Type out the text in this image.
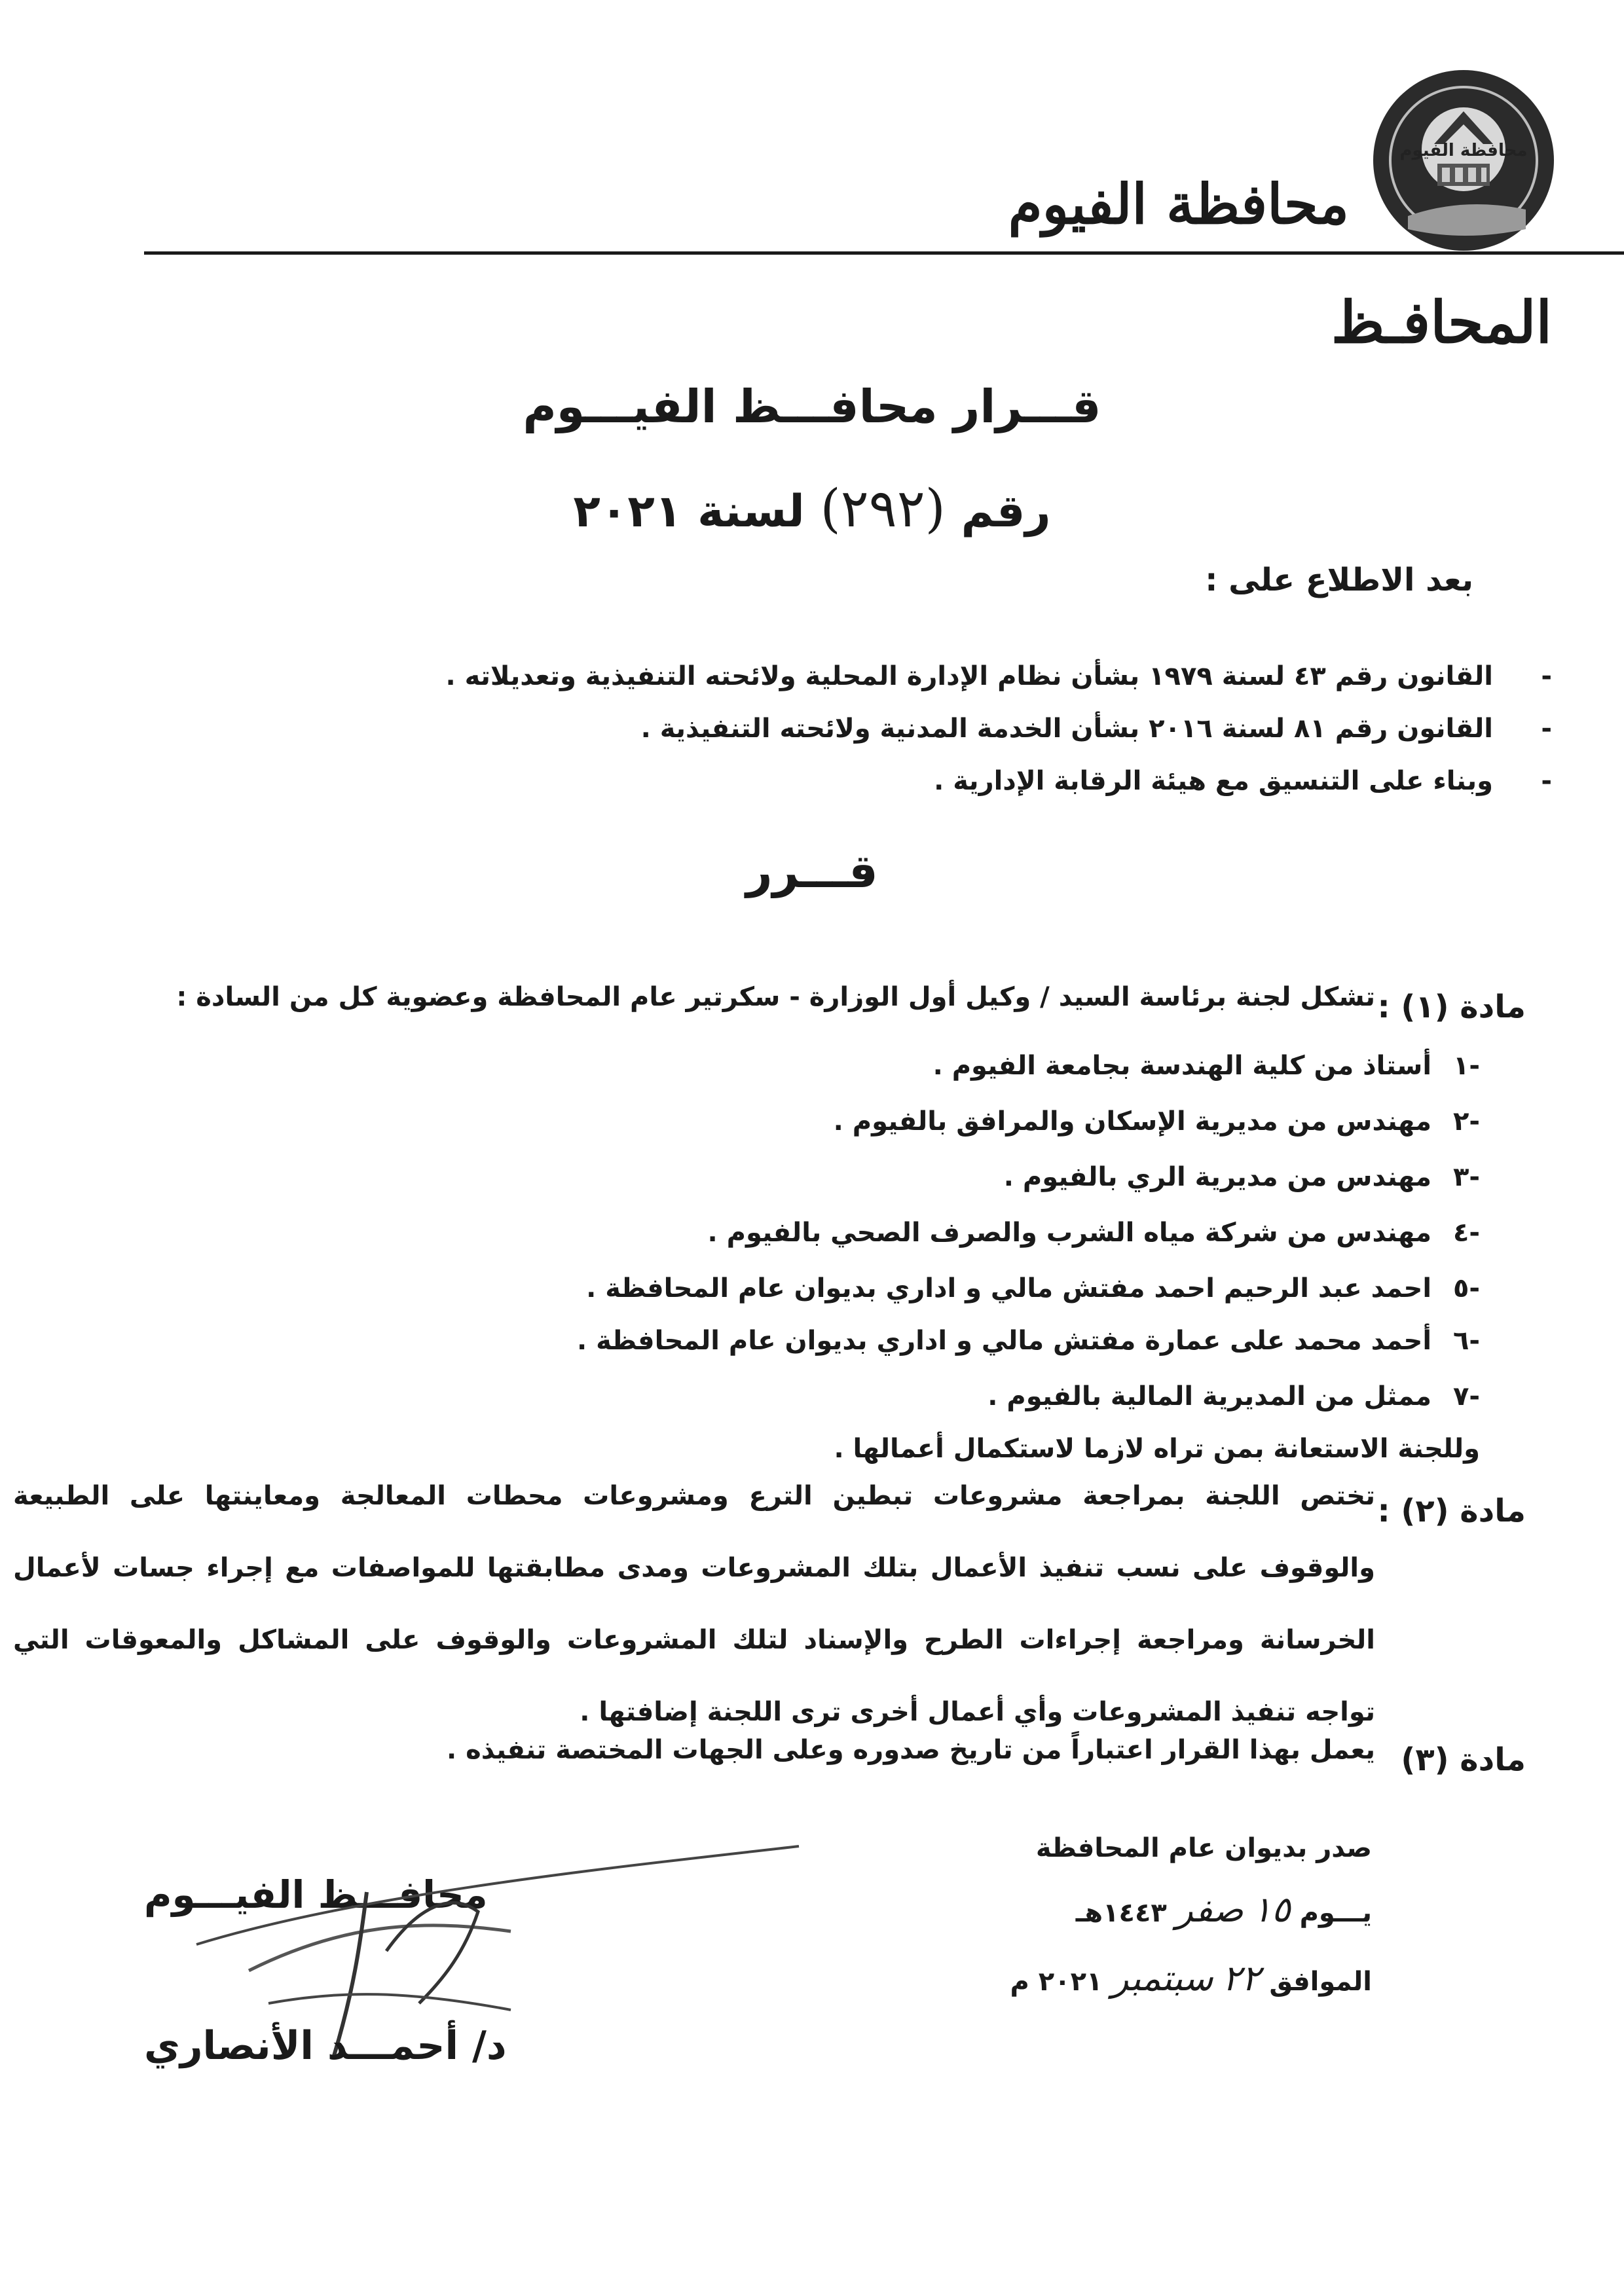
محافظة الفيوم
محافظة الفيوم
المحافـظ
قـــرار محافـــظ الفيـــوم
رقم (٢٩٢) لسنة ٢٠٢١
بعد الاطلاع على :
-
القانون رقم ٤٣ لسنة ١٩٧٩ بشأن نظام الإدارة المحلية ولائحته التنفيذية وتعديلاته .
-
القانون رقم ٨١ لسنة ٢٠١٦ بشأن الخدمة المدنية ولائحته التنفيذية .
-
وبناء على التنسيق مع هيئة الرقابة الإدارية .
قـــرر
مادة (١) :
تشكل لجنة برئاسة السيد / وكيل أول الوزارة - سكرتير عام المحافظة وعضوية كل من السادة :
-١ أستاذ من كلية الهندسة بجامعة الفيوم .
-٢ مهندس من مديرية الإسكان والمرافق بالفيوم .
-٣ مهندس من مديرية الري بالفيوم .
-٤ مهندس من شركة مياه الشرب والصرف الصحي بالفيوم .
-٥ احمد عبد الرحيم احمد مفتش مالي و اداري بديوان عام المحافظة .
-٦ أحمد محمد على عمارة مفتش مالي و اداري بديوان عام المحافظة .
-٧ ممثل من المديرية المالية بالفيوم .
وللجنة الاستعانة بمن تراه لازما لاستكمال أعمالها .
مادة (٢) :
تختص اللجنة بمراجعة مشروعات تبطين الترع ومشروعات محطات المعالجة ومعاينتها على الطبيعة والوقوف على نسب تنفيذ الأعمال بتلك المشروعات ومدى مطابقتها للمواصفات مع إجراء جسات لأعمال الخرسانة ومراجعة إجراءات الطرح والإسناد لتلك المشروعات والوقوف على المشاكل والمعوقات التي تواجه تنفيذ المشروعات وأي أعمال أخرى ترى اللجنة إضافتها .
مادة (٣)
يعمل بهذا القرار اعتباراً من تاريخ صدوره وعلى الجهات المختصة تنفيذه .
صدر بديوان عام المحافظة
يـــوم ١٥ صفر ١٤٤٣هـ
الموافق ٢٢ سبتمبر ٢٠٢١ م
محافـــظ الفيـــوم
د/ أحمـــد الأنصاري
